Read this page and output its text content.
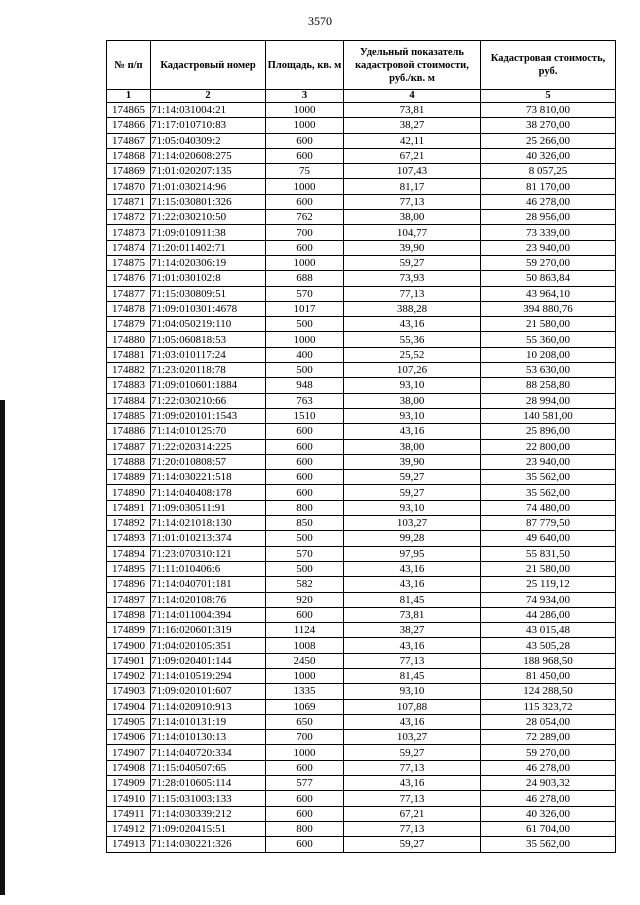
3570
№ п/п	Кадастровый номер	Площадь, кв. м	Удельный показатель кадастровой стоимости, руб./кв. м	Кадастровая стоимость, руб.
1	2	3	4	5
174865	71:14:031004:21	1000	73,81	73 810,00
174866	71:17:010710:83	1000	38,27	38 270,00
174867	71:05:040309:2	600	42,11	25 266,00
174868	71:14:020608:275	600	67,21	40 326,00
174869	71:01:020207:135	75	107,43	8 057,25
174870	71:01:030214:96	1000	81,17	81 170,00
174871	71:15:030801:326	600	77,13	46 278,00
174872	71:22:030210:50	762	38,00	28 956,00
174873	71:09:010911:38	700	104,77	73 339,00
174874	71:20:011402:71	600	39,90	23 940,00
174875	71:14:020306:19	1000	59,27	59 270,00
174876	71:01:030102:8	688	73,93	50 863,84
174877	71:15:030809:51	570	77,13	43 964,10
174878	71:09:010301:4678	1017	388,28	394 880,76
174879	71:04:050219:110	500	43,16	21 580,00
174880	71:05:060818:53	1000	55,36	55 360,00
174881	71:03:010117:24	400	25,52	10 208,00
174882	71:23:020118:78	500	107,26	53 630,00
174883	71:09:010601:1884	948	93,10	88 258,80
174884	71:22:030210:66	763	38,00	28 994,00
174885	71:09:020101:1543	1510	93,10	140 581,00
174886	71:14:010125:70	600	43,16	25 896,00
174887	71:22:020314:225	600	38,00	22 800,00
174888	71:20:010808:57	600	39,90	23 940,00
174889	71:14:030221:518	600	59,27	35 562,00
174890	71:14:040408:178	600	59,27	35 562,00
174891	71:09:030511:91	800	93,10	74 480,00
174892	71:14:021018:130	850	103,27	87 779,50
174893	71:01:010213:374	500	99,28	49 640,00
174894	71:23:070310:121	570	97,95	55 831,50
174895	71:11:010406:6	500	43,16	21 580,00
174896	71:14:040701:181	582	43,16	25 119,12
174897	71:14:020108:76	920	81,45	74 934,00
174898	71:14:011004:394	600	73,81	44 286,00
174899	71:16:020601:319	1124	38,27	43 015,48
174900	71:04:020105:351	1008	43,16	43 505,28
174901	71:09:020401:144	2450	77,13	188 968,50
174902	71:14:010519:294	1000	81,45	81 450,00
174903	71:09:020101:607	1335	93,10	124 288,50
174904	71:14:020910:913	1069	107,88	115 323,72
174905	71:14:010131:19	650	43,16	28 054,00
174906	71:14:010130:13	700	103,27	72 289,00
174907	71:14:040720:334	1000	59,27	59 270,00
174908	71:15:040507:65	600	77,13	46 278,00
174909	71:28:010605:114	577	43,16	24 903,32
174910	71:15:031003:133	600	77,13	46 278,00
174911	71:14:030339:212	600	67,21	40 326,00
174912	71:09:020415:51	800	77,13	61 704,00
174913	71:14:030221:326	600	59,27	35 562,00
